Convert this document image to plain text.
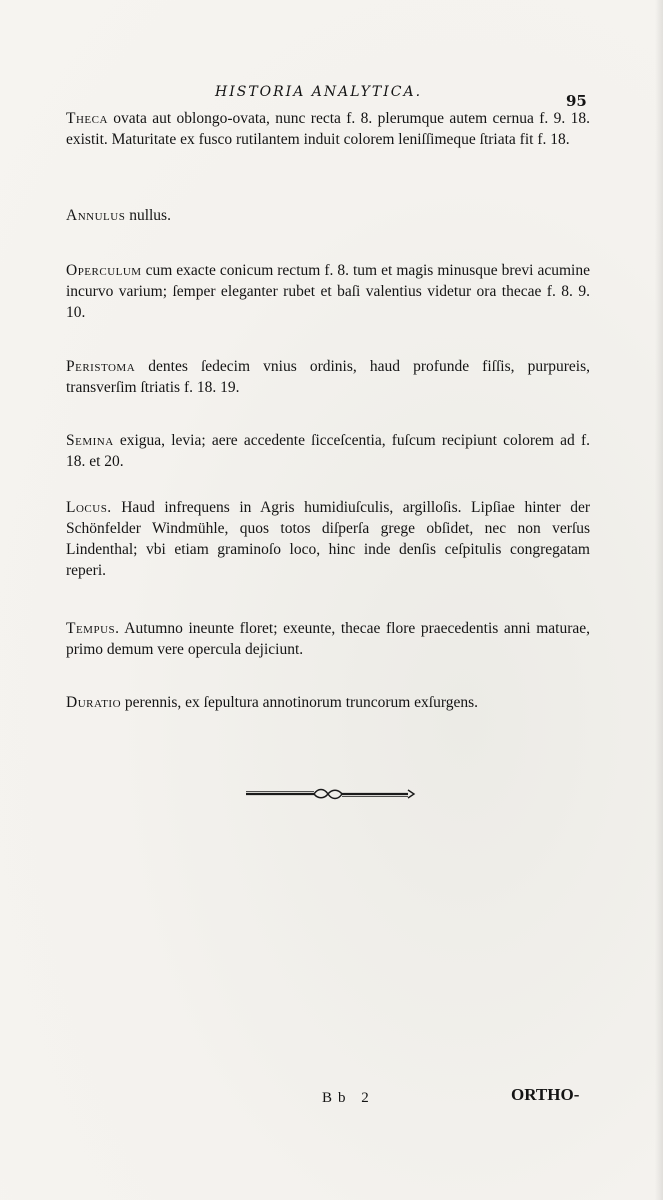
HISTORIA ANALYTICA.	95

Theca ovata aut oblongo-ovata, nunc recta f. 8. plerumque autem cernua f. 9. 18. existit. Maturitate ex fusco rutilantem induit colorem leniſſimeque ſtriata fit f. 18.

Annulus nullus.

Operculum cum exacte conicum rectum f. 8. tum et magis minusque brevi acumine incurvo varium; ſemper eleganter rubet et baſi valentius videtur ora thecae f. 8. 9. 10.

Peristoma dentes ſedecim vnius ordinis, haud profunde fiſſis, purpureis, transverſim ſtriatis f. 18. 19.

Semina exigua, levia; aere accedente ſicceſcentia, fuſcum recipiunt colorem ad f. 18. et 20.

Locus. Haud infrequens in Agris humidiuſculis, argilloſis. Lipſiae hinter der Schönfelder Windmühle, quos totos diſperſa grege obſidet, nec non verſus Lindenthal; vbi etiam graminoſo loco, hinc inde denſis ceſpitulis congregatam reperi.

Tempus. Autumno ineunte floret; exeunte, thecae flore praecedentis anni maturae, primo demum vere opercula dejiciunt.

Duratio perennis, ex ſepultura annotinorum truncorum exſurgens.

Bb 2	ORTHO-
